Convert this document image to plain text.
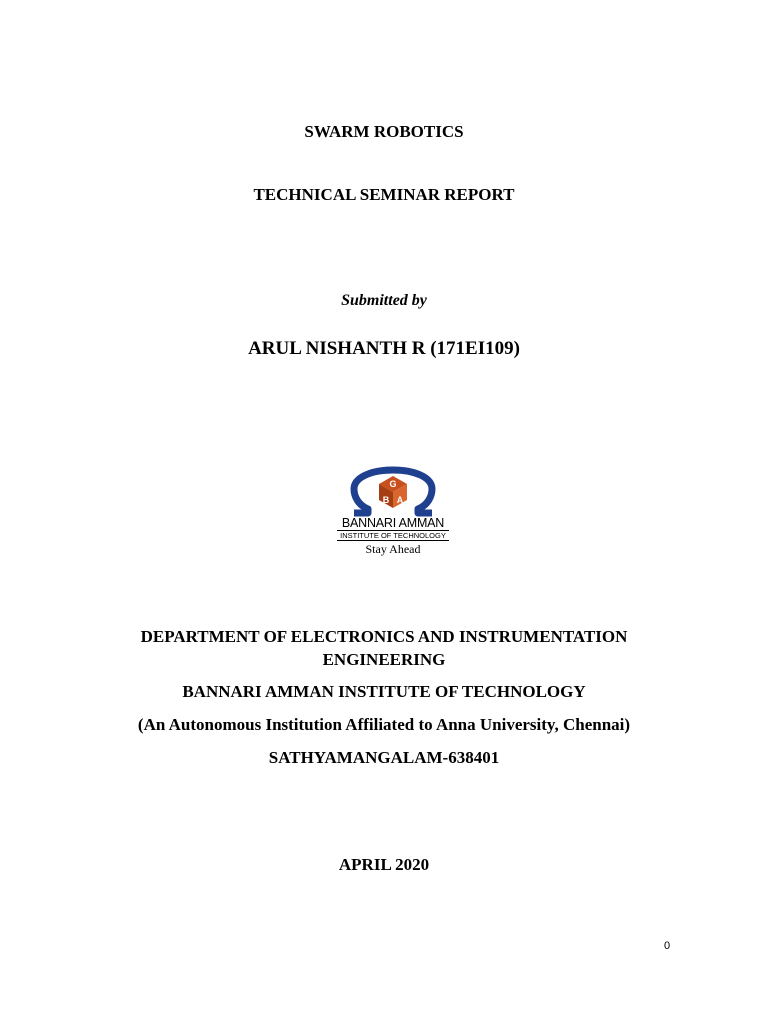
SWARM ROBOTICS
TECHNICAL SEMINAR REPORT
Submitted by
ARUL NISHANTH R (171EI109)
G
B A
BANNARI AMMAN
INSTITUTE OF TECHNOLOGY
Stay Ahead
DEPARTMENT OF ELECTRONICS AND INSTRUMENTATION
ENGINEERING
BANNARI AMMAN INSTITUTE OF TECHNOLOGY
(An Autonomous Institution Affiliated to Anna University, Chennai)
SATHYAMANGALAM-638401
APRIL 2020
0
